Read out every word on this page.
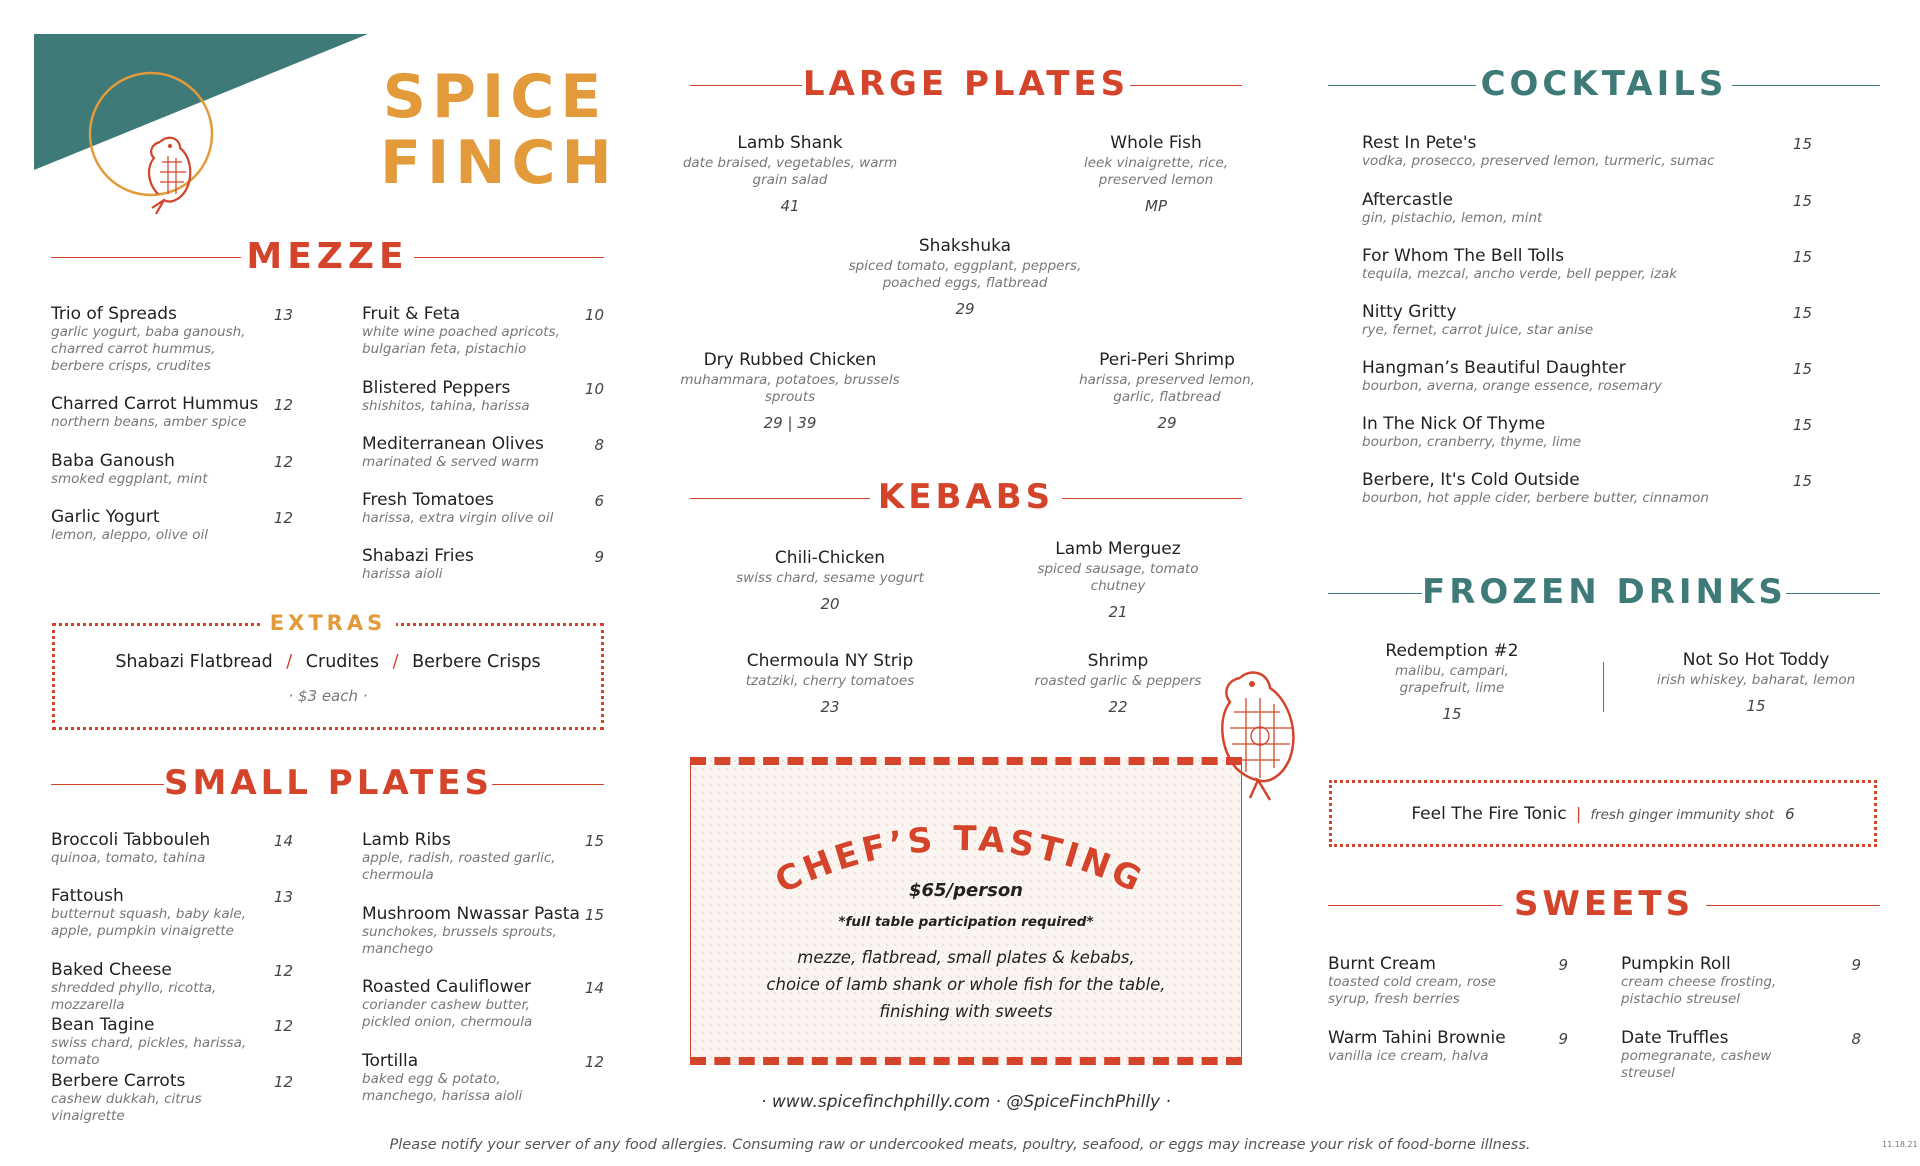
SPICE
FINCH
MEZZE
Trio of Spreads
garlic yogurt, baba ganoush, charred carrot hummus, berbere crisps, crudites
13
Charred Carrot Hummus
northern beans, amber spice
12
Baba Ganoush
smoked eggplant, mint
12
Garlic Yogurt
lemon, aleppo, olive oil
12
Fruit & Feta
white wine poached apricots, bulgarian feta, pistachio
10
Blistered Peppers
shishitos, tahina, harissa
10
Mediterranean Olives
marinated & served warm
8
Fresh Tomatoes
harissa, extra virgin olive oil
6
Shabazi Fries
harissa aioli
9
EXTRAS
Shabazi Flatbread / Crudites / Berbere Crisps
· $3 each ·
SMALL PLATES
Broccoli Tabbouleh
quinoa, tomato, tahina
14
Fattoush
butternut squash, baby kale, apple, pumpkin vinaigrette
13
Baked Cheese
shredded phyllo, ricotta, mozzarella
12
Bean Tagine
swiss chard, pickles, harissa, tomato
12
Berbere Carrots
cashew dukkah, citrus vinaigrette
12
Lamb Ribs
apple, radish, roasted garlic, chermoula
15
Mushroom Nwassar Pasta
sunchokes, brussels sprouts, manchego
15
Roasted Cauliflower
coriander cashew butter, pickled onion, chermoula
14
Tortilla
baked egg & potato, manchego, harissa aioli
12
LARGE PLATES
Lamb Shank
date braised, vegetables, warm grain salad
41
Whole Fish
leek vinaigrette, rice, preserved lemon
MP
Shakshuka
spiced tomato, eggplant, peppers, poached eggs, flatbread
29
Dry Rubbed Chicken
muhammara, potatoes, brussels sprouts
29 | 39
Peri-Peri Shrimp
harissa, preserved lemon, garlic, flatbread
29
KEBABS
Chili-Chicken
swiss chard, sesame yogurt
20
Lamb Merguez
spiced sausage, tomato chutney
21
Chermoula NY Strip
tzatziki, cherry tomatoes
23
Shrimp
roasted garlic & peppers
22
CHEF’S TASTING
$65/person
*full table participation required*
mezze, flatbread, small plates & kebabs,
choice of lamb shank or whole fish for the table,
finishing with sweets
· www.spicefinchphilly.com · @SpiceFinchPhilly ·
Please notify your server of any food allergies. Consuming raw or undercooked meats, poultry, seafood, or eggs may increase your risk of food-borne illness.	11.18.21
COCKTAILS
Rest In Pete's
vodka, prosecco, preserved lemon, turmeric, sumac
15
Aftercastle
gin, pistachio, lemon, mint
15
For Whom The Bell Tolls
tequila, mezcal, ancho verde, bell pepper, izak
15
Nitty Gritty
rye, fernet, carrot juice, star anise
15
Hangman’s Beautiful Daughter
bourbon, averna, orange essence, rosemary
15
In The Nick Of Thyme
bourbon, cranberry, thyme, lime
15
Berbere, It's Cold Outside
bourbon, hot apple cider, berbere butter, cinnamon
15
FROZEN DRINKS
Redemption #2
malibu, campari, grapefruit, lime
15
Not So Hot Toddy
irish whiskey, baharat, lemon
15
Feel The Fire Tonic | fresh ginger immunity shot 6
SWEETS
Burnt Cream
toasted cold cream, rose syrup, fresh berries
9
Warm Tahini Brownie
vanilla ice cream, halva
9
Pumpkin Roll
cream cheese frosting, pistachio streusel
9
Date Truffles
pomegranate, cashew streusel
8
